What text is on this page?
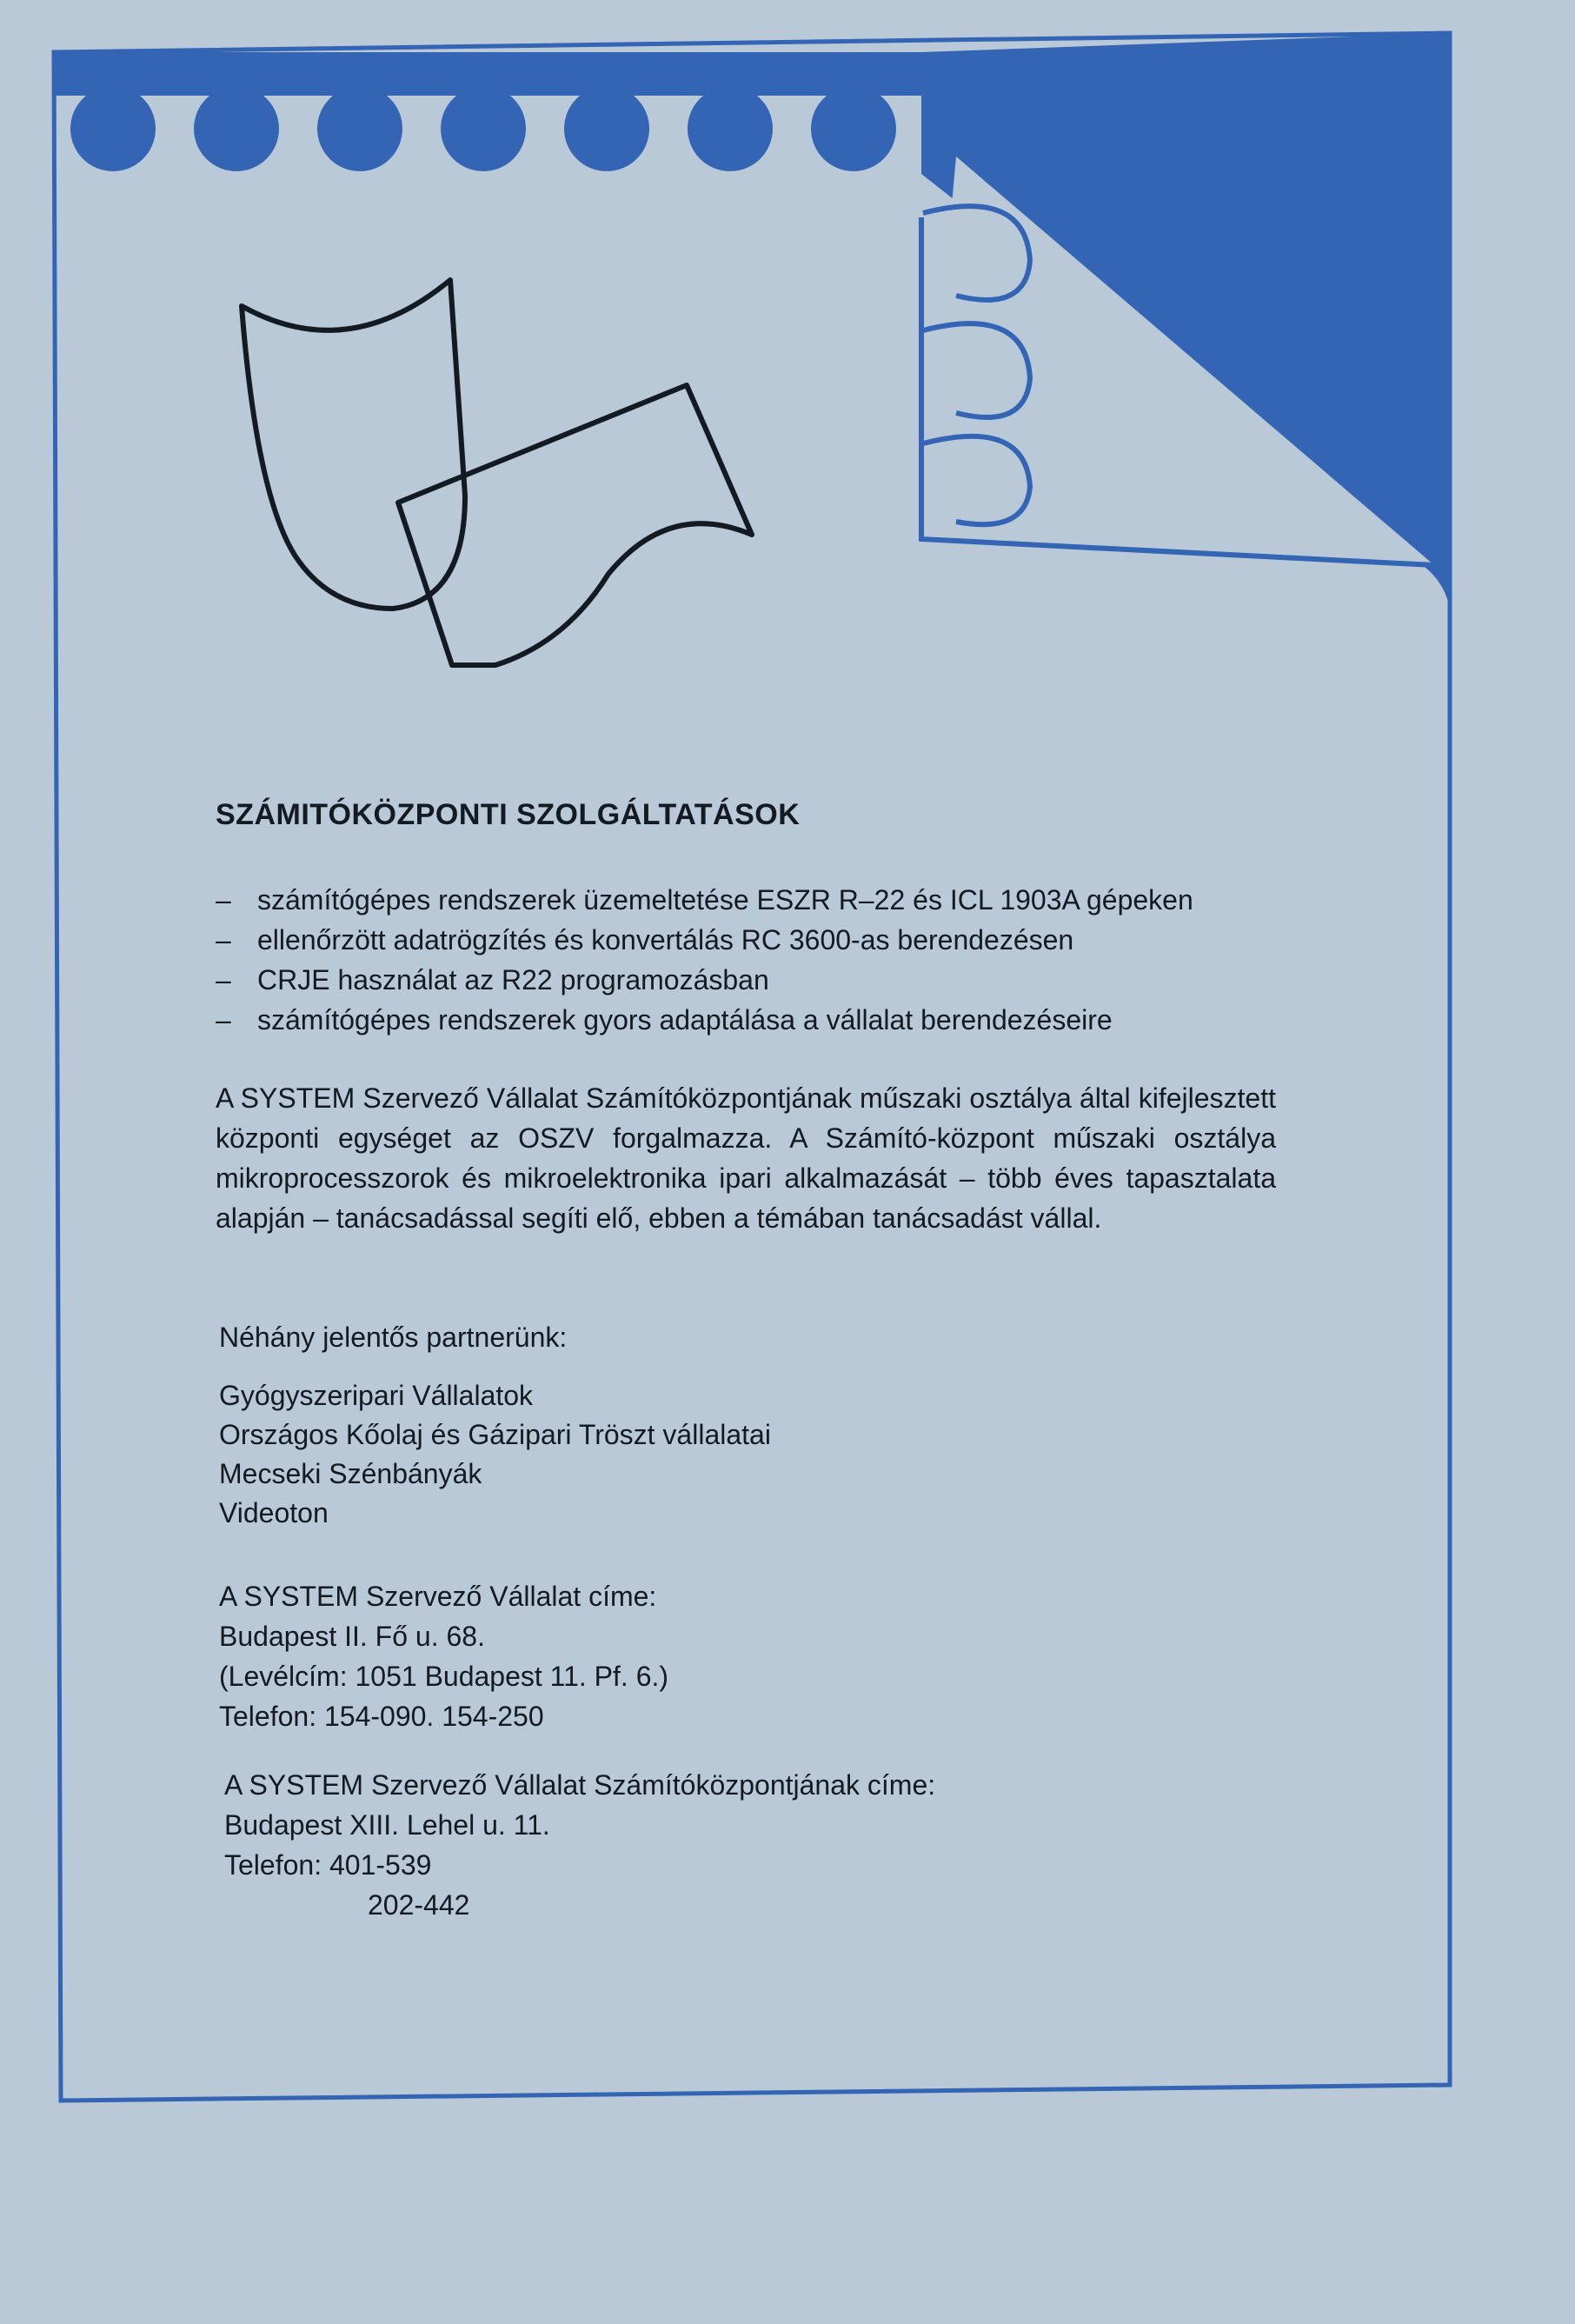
SZÁMITÓKÖZPONTI SZOLGÁLTATÁSOK
– számítógépes rendszerek üzemeltetése ESZR R–22 és ICL 1903A gépeken
– ellenőrzött adatrögzítés és konvertálás RC 3600-as berendezésen
– CRJE használat az R22 programozásban
– számítógépes rendszerek gyors adaptálása a vállalat berendezéseire

A SYSTEM Szervező Vállalat Számítóközpontjának műszaki osztálya által kifejlesztett központi egységet az OSZV forgalmazza. A Számító-központ műszaki osztálya mikroprocesszorok és mikroelektronika ipari alkalmazását – több éves tapasztalata alapján – tanácsadással segíti elő, ebben a témában tanácsadást vállal.

Néhány jelentős partnerünk:
Gyógyszeripari Vállalatok
Országos Kőolaj és Gázipari Tröszt vállalatai
Mecseki Szénbányák
Videoton
A SYSTEM Szervező Vállalat címe:
Budapest II. Fő u. 68.
(Levélcím: 1051 Budapest 11. Pf. 6.)
Telefon: 154-090. 154-250
A SYSTEM Szervező Vállalat Számítóközpontjának címe:
Budapest XIII. Lehel u. 11.
Telefon: 401-539
202-442
